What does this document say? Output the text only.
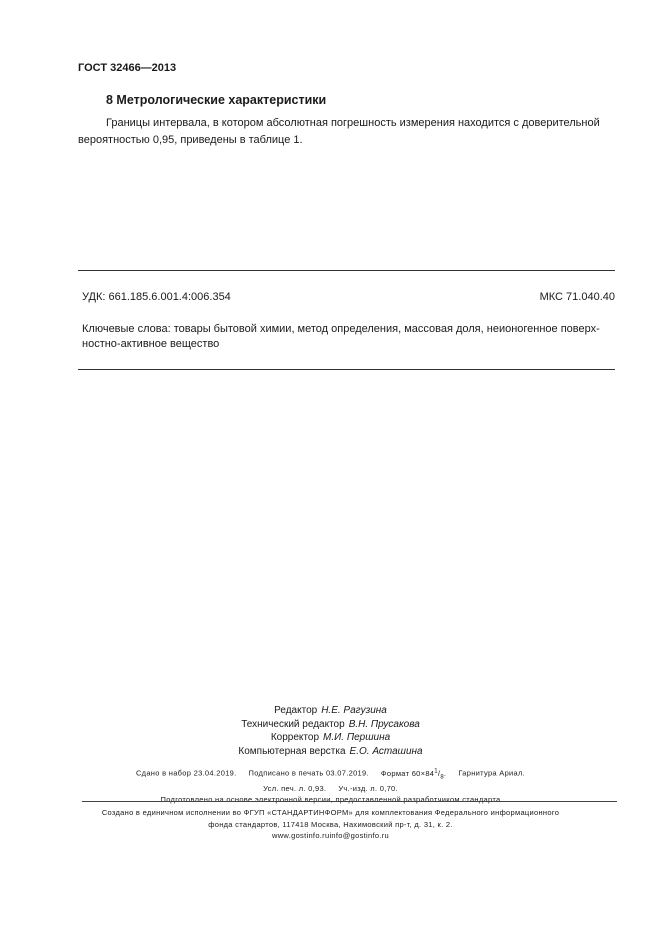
ГОСТ 32466—2013
8 Метрологические характеристики
Границы интервала, в котором абсолютная погрешность измерения находится с доверительной
вероятностью 0,95, приведены в таблице 1.
УДК: 661.185.6.001.4:006.354	МКС 71.040.40
Ключевые слова: товары бытовой химии, метод определения, массовая доля, неионогенное поверх-
ностно-активное вещество
Редактор Н.Е. Рагузина
Технический редактор В.Н. Прусакова
Корректор М.И. Першина
Компьютерная верстка Е.О. Асташина
Сдано в набор 23.04.2019. Подписано в печать 03.07.2019. Формат $60\times 84^1/_8$. Гарнитура Ариал.
Усл. печ. л. 0,93. Уч.-изд. л. 0,70.
Подготовлено на основе электронной версии, предоставленной разработчиком стандарта
Создано в единичном исполнении во ФГУП «СТАНДАРТИНФОРМ» для комплектования Федерального информационного
фонда стандартов, 117418 Москва, Нахимовский пр-т, д. 31, к. 2.
www.gostinfo.ruinfo@gostinfo.ru
